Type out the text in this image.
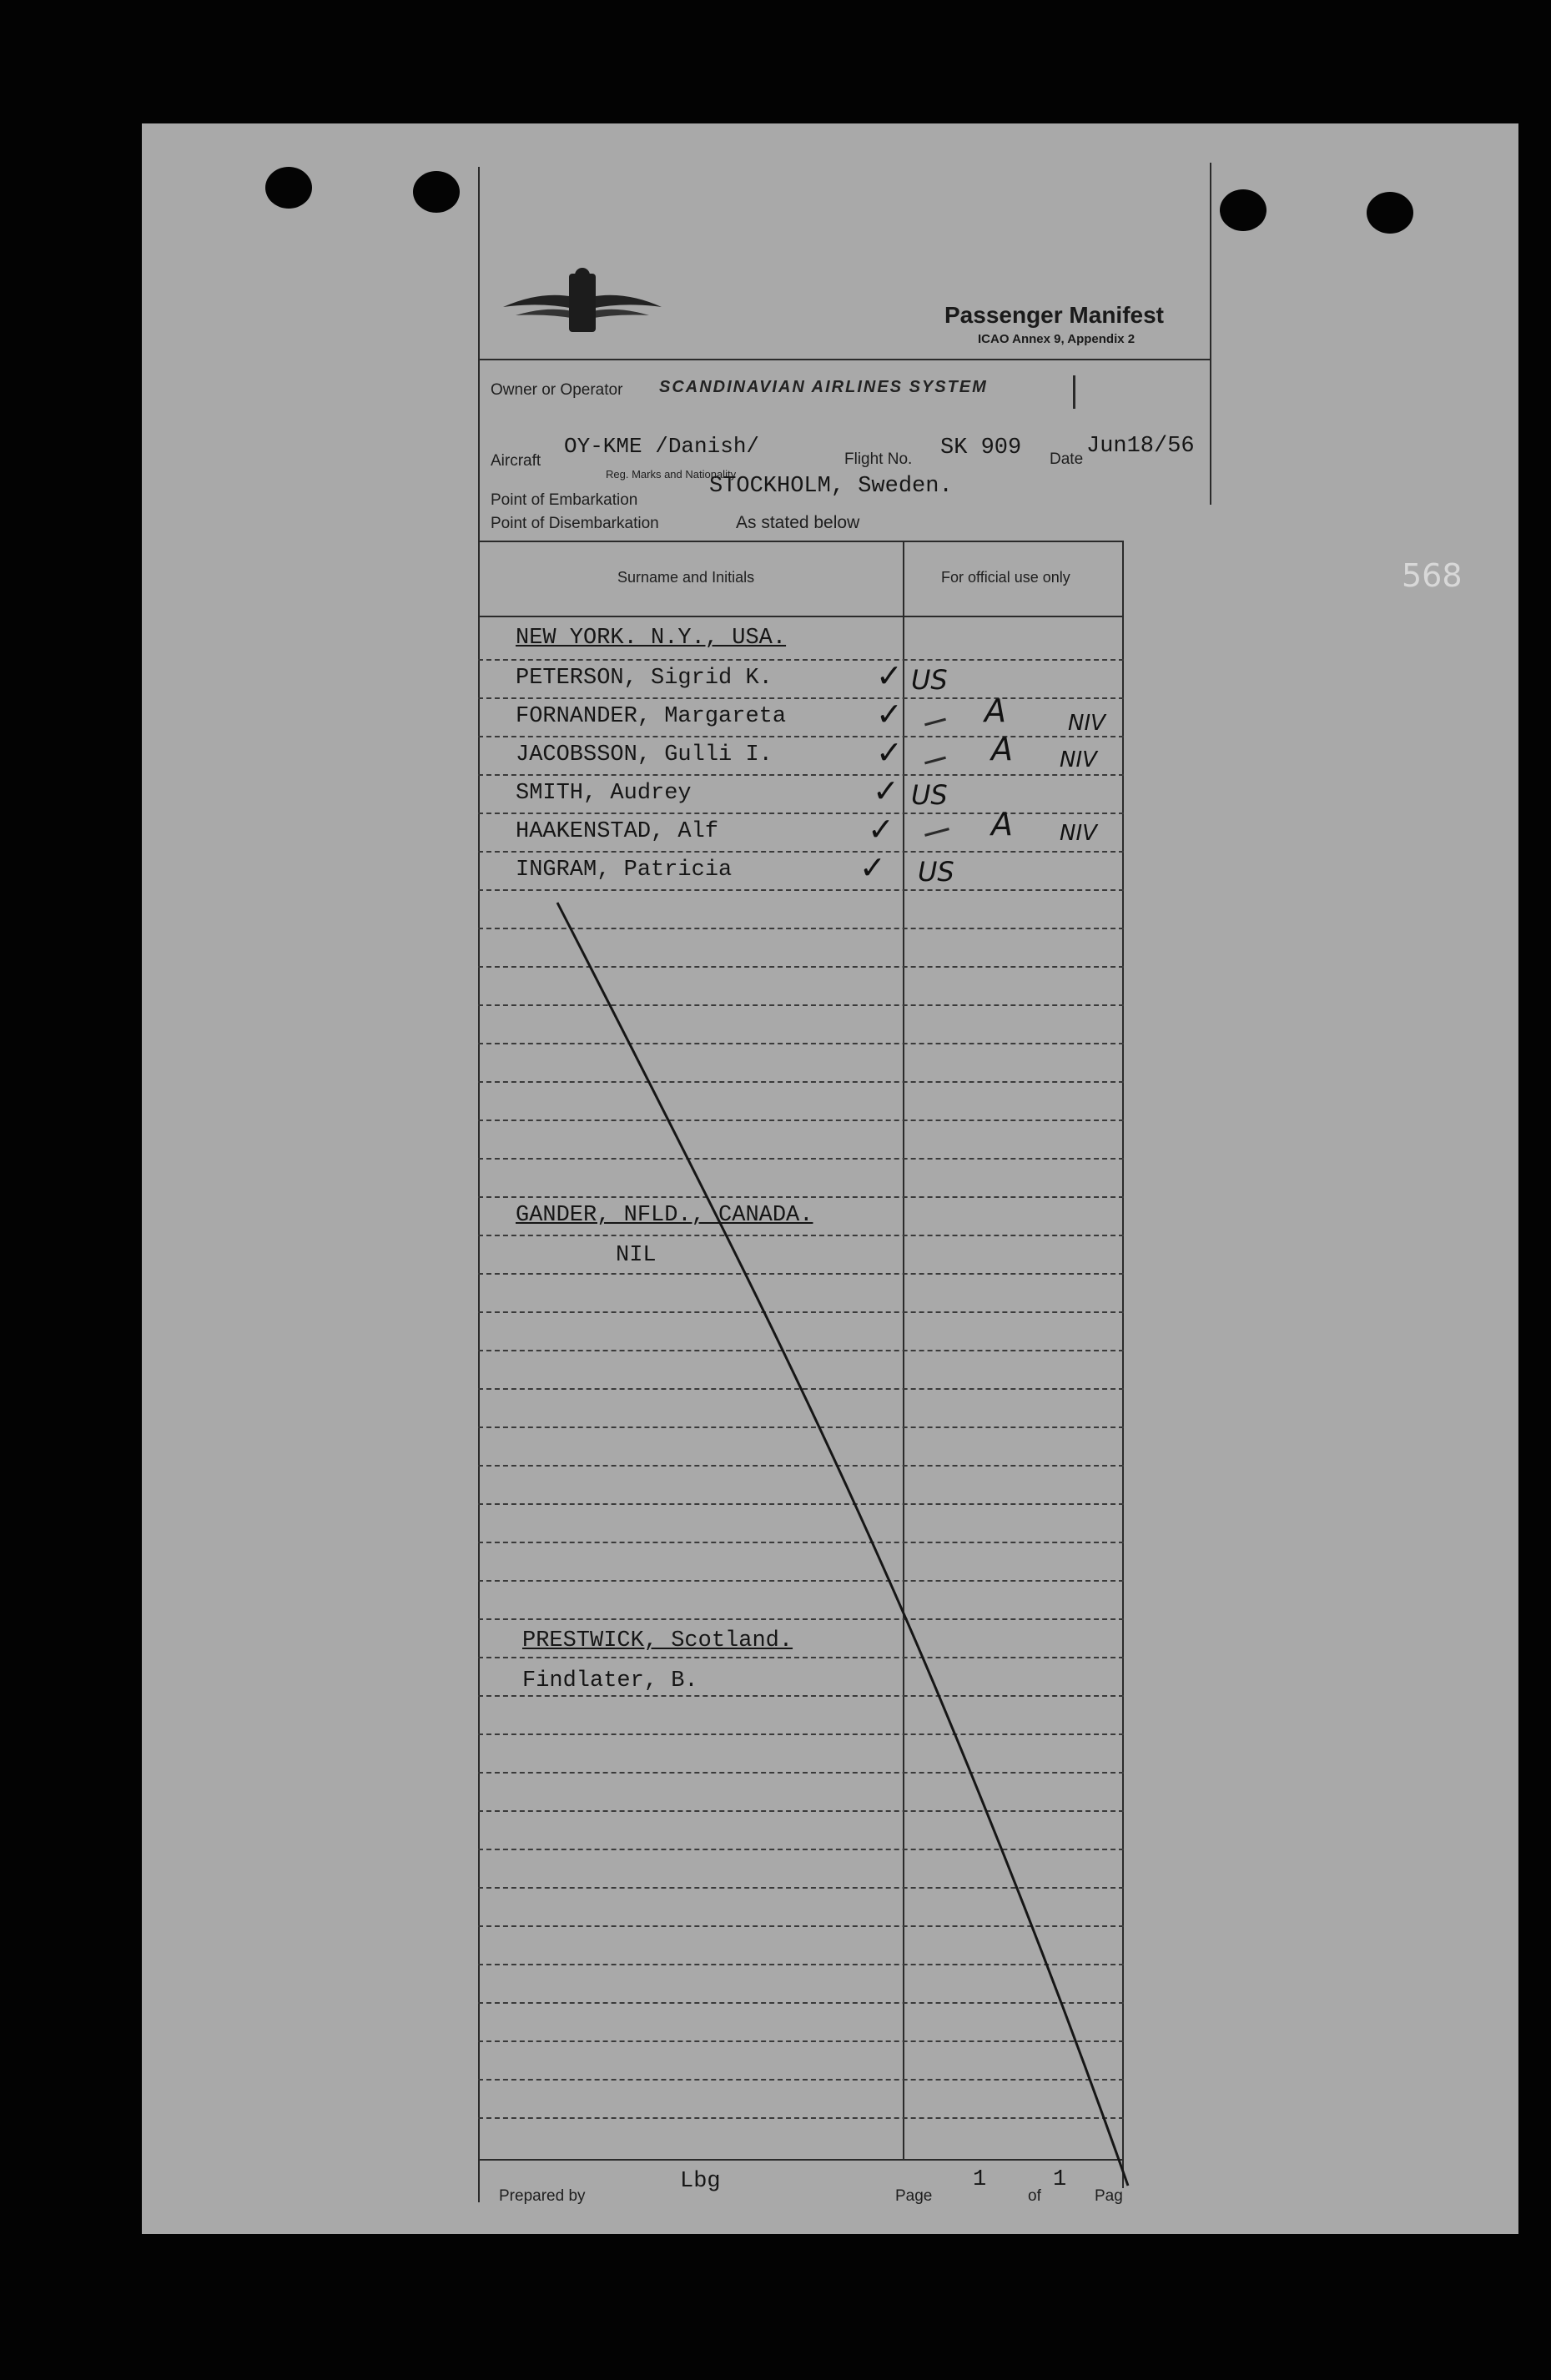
Passenger Manifest
ICAO Annex 9, Appendix 2
Owner or Operator SCANDINAVIAN AIRLINES SYSTEM
Aircraft
OY-KME /Danish/
Reg. Marks and Nationality
Flight No. SK 909 Date
Jun18/56
Point of Embarkation
STOCKHOLM, Sweden.
Point of Disembarkation	As stated below
Surname and Initials	For official use only
NEW YORK. N.Y., USA.
PETERSON, Sigrid K.	✓ US
FORNANDER, Margareta	✓	A	NIV
JACOBSSON, Gulli I.	✓	A NIV
SMITH, Audrey	✓ US
HAAKENSTAD, Alf	✓	A NIV
INGRAM, Patricia	✓ US
GANDER, NFLD., CANADA.
NIL
PRESTWICK, Scotland.
Findlater, B.
Prepared by
Lbg
Page
1
of
1
Pag
568
